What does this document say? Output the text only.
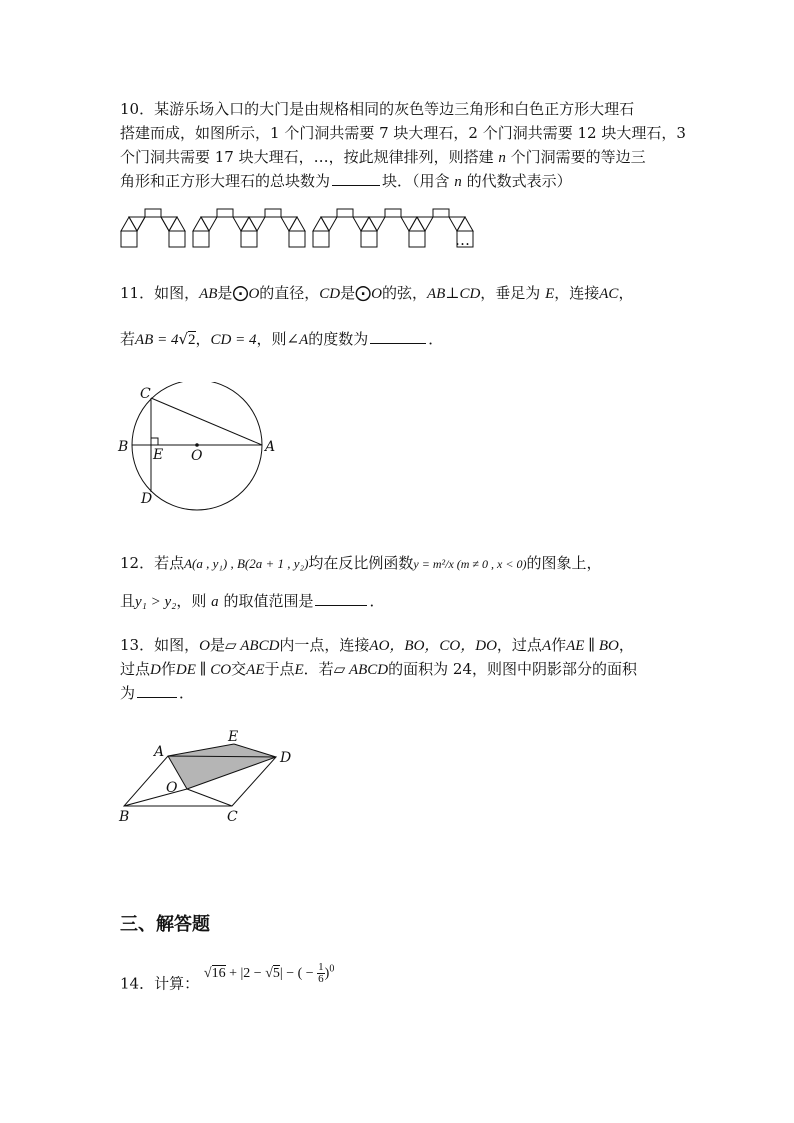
10．某游乐场入口的大门是由规格相同的灰色等边三角形和白色正方形大理石
搭建而成，如图所示，1 个门洞共需要 7 块大理石，2 个门洞共需要 12 块大理石，3
个门洞共需要 17 块大理石，…，按此规律排列，则搭建 n 个门洞需要的等边三
角形和正方形大理石的总块数为	块．（用含 n 的代数式表示）
…
11．如图，AB是⨀O的直径，CD是⨀O的弦，AB⊥CD，垂足为 E，连接AC，
若AB = 4√2，CD = 4，则∠A的度数为	．
C
B E O
A
D
12．若点A(a , y₁) , B(2a + 1 , y₂)均在反比例函数y = m²/x (m ≠ 0 , x < 0)的图象上，
且y₁ > y₂，则 a 的取值范围是	．
13．如图，O是▱ ABCD内一点，连接AO，BO，CO，DO，过点A作AE ∥ BO，
过点D作DE ∥ CO交AE于点E．若▱ ABCD的面积为 24，则图中阴影部分的面积
为	．
A
E
D
O
B	C
三、解答题
14．计算： √16 + |2 − √5| − ( − $\frac{1}{6} )^0$
